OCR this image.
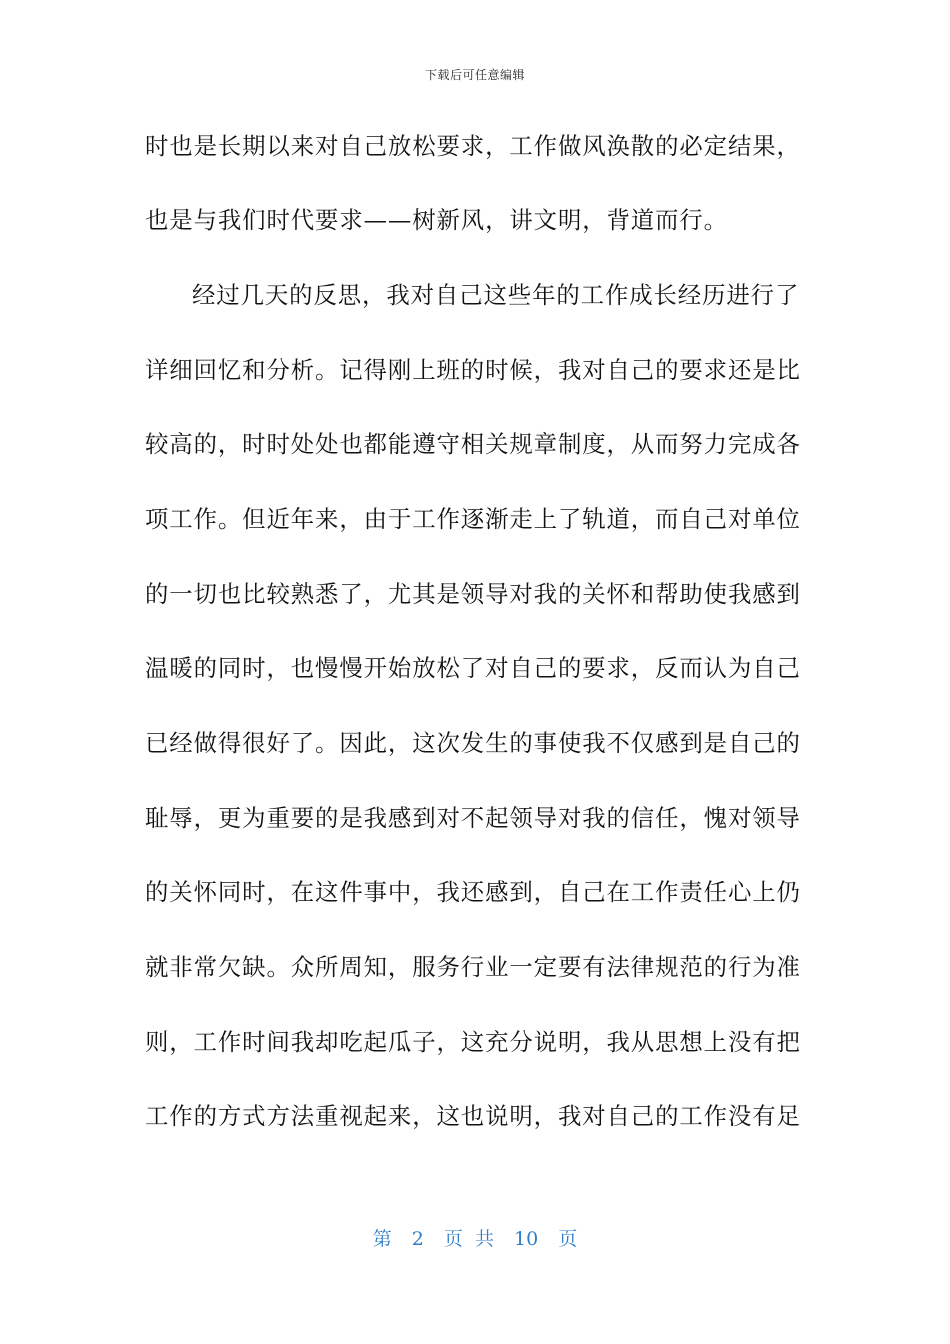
下载后可任意编辑
时也是长期以来对自己放松要求，工作做风涣散的必定结果，
也是与我们时代要求——树新风，讲文明，背道而行。
经过几天的反思，我对自己这些年的工作成长经历进行了
详细回忆和分析。记得刚上班的时候，我对自己的要求还是比
较高的，时时处处也都能遵守相关规章制度，从而努力完成各
项工作。但近年来，由于工作逐渐走上了轨道，而自己对单位
的一切也比较熟悉了，尤其是领导对我的关怀和帮助使我感到
温暖的同时，也慢慢开始放松了对自己的要求，反而认为自己
已经做得很好了。因此，这次发生的事使我不仅感到是自己的
耻辱，更为重要的是我感到对不起领导对我的信任，愧对领导
的关怀同时，在这件事中，我还感到，自己在工作责任心上仍
就非常欠缺。众所周知，服务行业一定要有法律规范的行为准
则，工作时间我却吃起瓜子，这充分说明，我从思想上没有把
工作的方式方法重视起来，这也说明，我对自己的工作没有足
第 2 页 共 10 页
